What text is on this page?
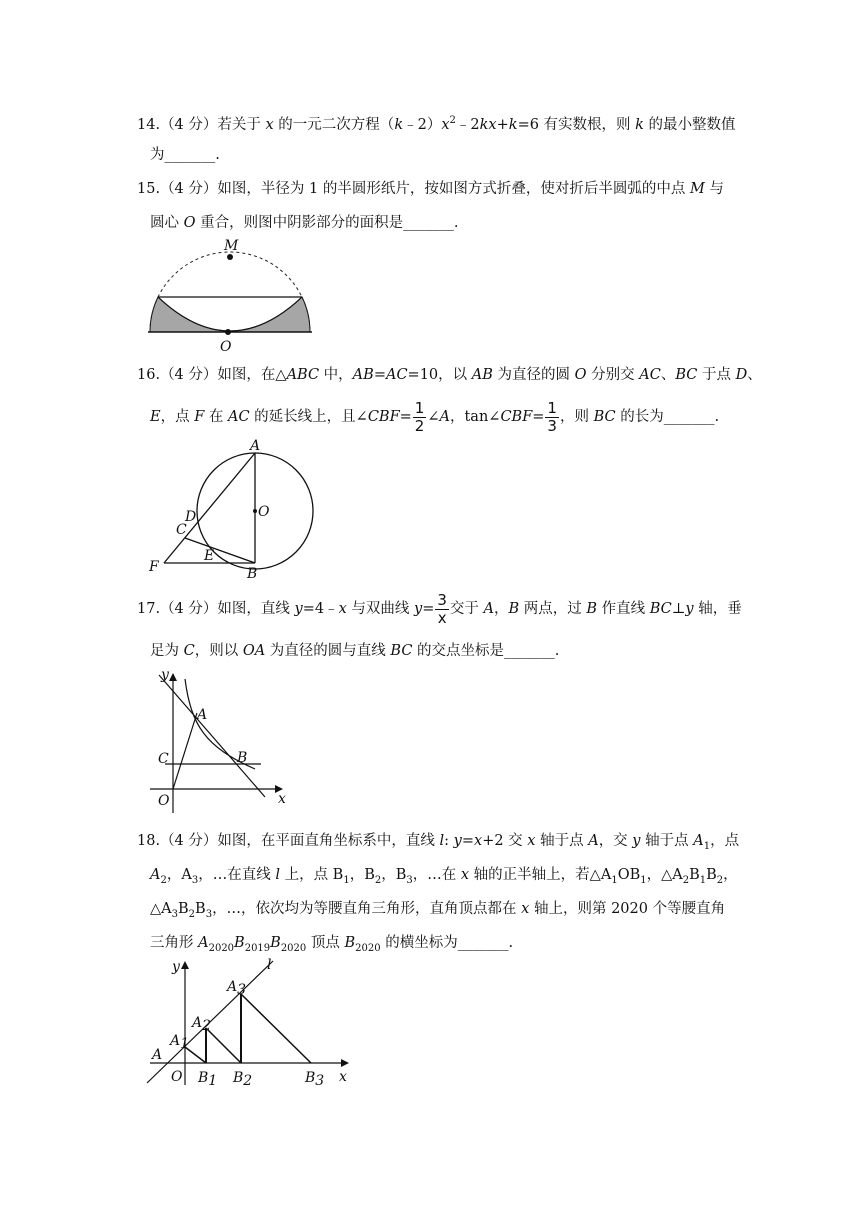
14.（4 分）若关于 x 的一元二次方程$(k﹣2)x^2﹣2kx+k=6$ 有实数根，则 k 的最小整数值
为_______.
15.（4 分）如图，半径为 1 的半圆形纸片，按如图方式折叠，使对折后半圆弧的中点 M 与
圆心 O 重合，则图中阴影部分的面积是_______.
M
O
16.（4 分）如图，在△ABC 中，AB=AC=10，以 AB 为直径的圆 O 分别交 AC、BC 于点 D、
E，点 F 在 AC 的延长线上，且∠CBF= $\frac{1}{2}$ ∠A，tan∠CBF= $\frac{1}{3}$ ，则 BC 的长为_______.
A
O
D
C
E
F	B
17.（4 分）如图，直线 y=4﹣x 与双曲线 $y= \frac{3}{x}$ 交于 A，B 两点，过 B 作直线 BC⊥y 轴，垂
足为 C，则以 OA 为直径的圆与直线 BC 的交点坐标是_______.
y
A
C	B
O	x
18.（4 分）如图，在平面直角坐标系中，直线 l: y=x+2 交 x 轴于点 A，交 y 轴于点 $A_1$，点
$A_2$，$A_3$，…在直线 l 上，点 $B_1$，$B_2$，$B_3$，…在 x 轴的正半轴上，若$\triangle A_1OB_1$，$\triangle A_2B_1B_2$，
$\triangle A_3B_2B_3$，…，依次均为等腰直角三角形，直角顶点都在 x 轴上，则第 2020 个等腰直角
三角形 $A_{2020}B_{2019}B_{2020}$ 顶点 $B_{2020}$ 的横坐标为_______.
y	l
A3
A2
A1
A
O B1 B2	B3 x
